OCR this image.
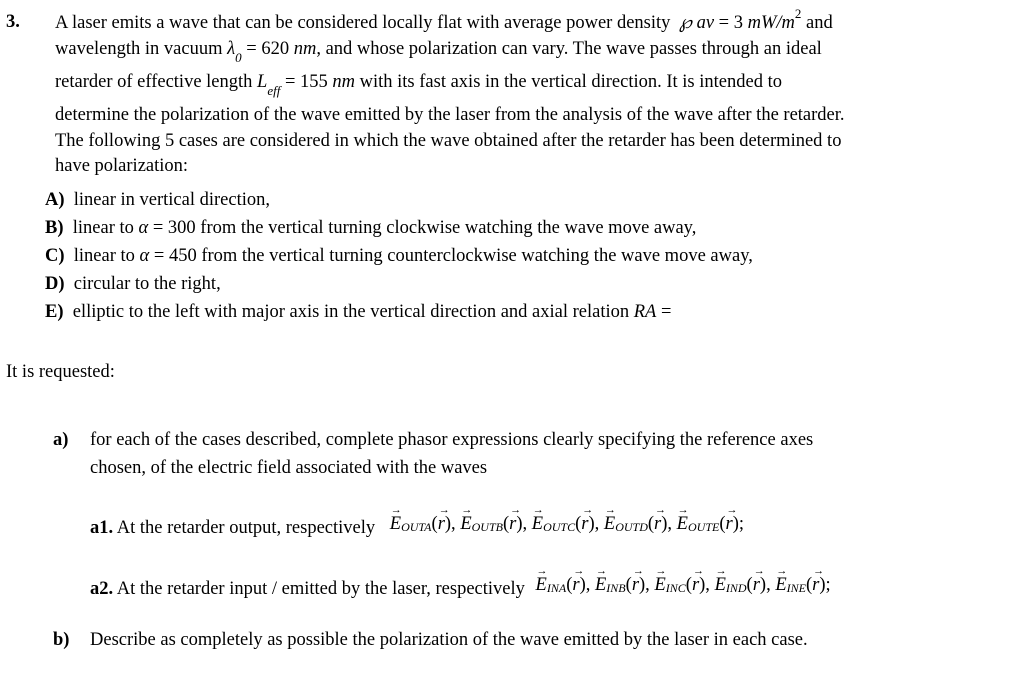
3. A laser emits a wave that can be considered locally flat with average power density ℘ av = 3 $mW/m^2$ and
wavelength in vacuum $\lambda_0 = 620$ nm, and whose polarization can vary. The wave passes through an ideal
retarder of effective length $L_{eff} = 155$ nm with its fast axis in the vertical direction. It is intended to
determine the polarization of the wave emitted by the laser from the analysis of the wave after the retarder.
The following 5 cases are considered in which the wave obtained after the retarder has been determined to
have polarization:
A) linear in vertical direction,
B) linear to α = 300 from the vertical turning clockwise watching the wave move away,
C) linear to α = 450 from the vertical turning counterclockwise watching the wave move away,
D) circular to the right,
E) elliptic to the left with major axis in the vertical direction and axial relation RA =
It is requested:
a) for each of the cases described, complete phasor expressions clearly specifying the reference axes
chosen, of the electric field associated with the waves
a1. At the retarder output, respectively → EOUTA(→ r), → EOUTB(→ r), → EOUTC(→ r), → EOUTD(→ r), → EOUTE(→ r);
a2. At the retarder input / emitted by the laser, respectively → EINA(→ r), → EINB(→ r), → EINC(→ r), → EIND(→ r), → EINE(→ r);
b) Describe as completely as possible the polarization of the wave emitted by the laser in each case.
